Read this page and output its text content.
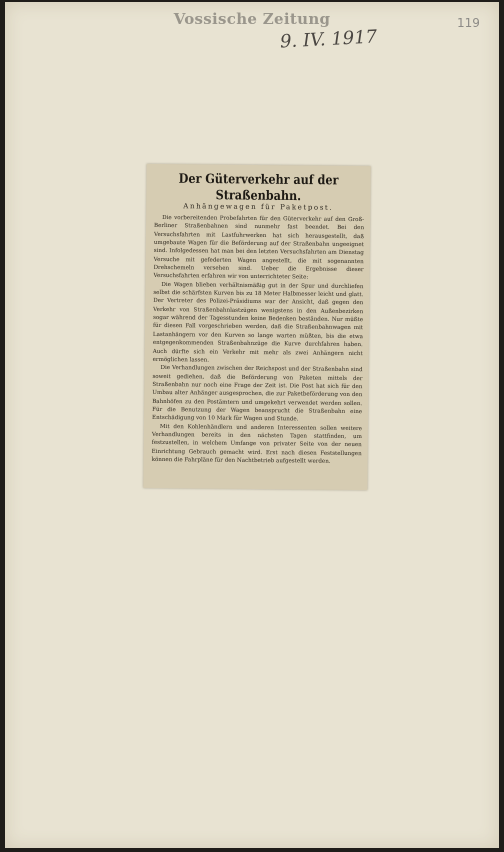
Vossische Zeitung
9. IV. 1917
119
Der Güterverkehr auf der Straßenbahn.
Anhängewagen für Paketpost.

Die vorbereitenden Probefahrten für den Güterverkehr auf den Groß-Berliner Straßenbahnen sind nunmehr fast beendet. Bei den Versuchsfahrten mit Lastfuhrwerken hat sich herausgestellt, daß umgebaute Wagen für die Beförderung auf der Straßenbahn ungeeignet sind. Infolgedessen hat man bei den letzten Versuchsfahrten am Dienstag Versuche mit gefederten Wagen angestellt, die mit sogenannten Drehschemeln versehen sind. Ueber die Ergebnisse dieser Versuchsfahrten erfahren wir von unterrichteter Seite:

Die Wagen blieben verhältnismäßig gut in der Spur und durchliefen selbst die schärfsten Kurven bis zu 18 Meter Halbmesser leicht und glatt. Der Vertreter des Polizei-Präsidiums war der Ansicht, daß gegen den Verkehr von Straßenbahnlastzügen wenigstens in den Außenbezirken sogar während der Tagesstunden keine Bedenken beständen. Nur müßte für diesen Fall vorgeschrieben werden, daß die Straßenbahnwagen mit Lastanhängern vor den Kurven so lange warten müßten, bis die etwa entgegenkommenden Straßenbahnzüge die Kurve durchfahren haben. Auch dürfte sich ein Verkehr mit mehr als zwei Anhängern nicht ermöglichen lassen.

Die Verhandlungen zwischen der Reichspost und der Straßenbahn sind soweit gediehen, daß die Beförderung von Paketen mittels der Straßenbahn nur noch eine Frage der Zeit ist. Die Post hat sich für den Umbau alter Anhänger ausgesprochen, die zur Paketbeförderung von den Bahnhöfen zu den Postämtern und umgekehrt verwendet werden sollen. Für die Benutzung der Wagen beansprucht die Straßenbahn eine Entschädigung von 10 Mark für Wagen und Stunde.

Mit den Kohlenhändlern und anderen Interessenten sollen weitere Verhandlungen bereits in den nächsten Tagen stattfinden, um festzustellen, in welchem Umfange von privater Seite von der neuen Einrichtung Gebrauch gemacht wird. Erst nach diesen Feststellungen können die Fahrpläne für den Nachtbetrieb aufgestellt werden.
